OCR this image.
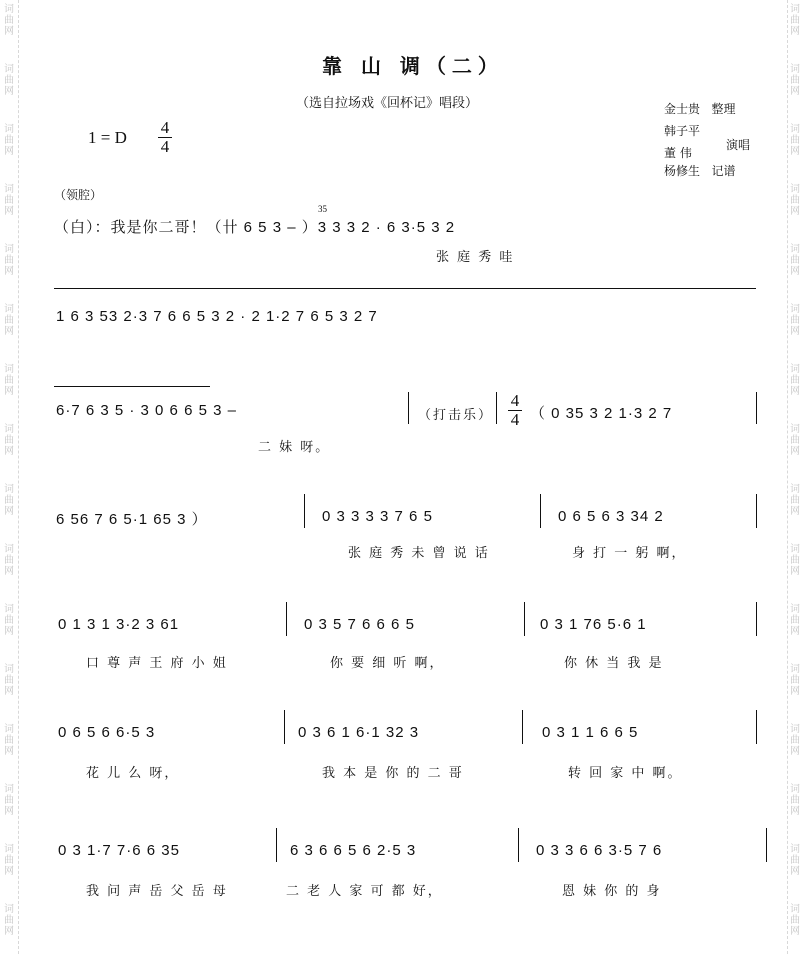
词曲网
词曲网
词曲网
词曲网
词曲网
词曲网
词曲网
词曲网
词曲网
词曲网
词曲网
词曲网
词曲网
词曲网
词曲网
词曲网
词曲网
词曲网
词曲网
词曲网
词曲网
词曲网
词曲网
词曲网
词曲网
词曲网
词曲网
词曲网
词曲网
词曲网
词曲网
词曲网
靠 山 调（二）
（选自拉场戏《回杯记》唱段）
1 = D $\frac{4}{4}$
金士贵 整理
韩子平
董 伟
杨修生 记谱
演唱
（领腔）
（白）：我是你二哥！（卄 6 5 3 – ）3 3 3 2 · 6 3·5 3 2
35
张 庭 秀 哇
1 6 3 53 2·3 7 6 6 5 3 2 · 2 1·2 7 6 5 3 2 7
6·7 6 3 5 · 3 0 6 6 5 3 –	（打击乐） $\frac{4}{4}$ （ 0 35 3 2 1·3 2 7
二 妹 呀。
6 56 7 6 5·1 65 3 ）	0 3 3 3 3 7 6 5	0 6 5 6 3 34 2
张 庭 秀 未 曾 说 话	身 打 一 躬 啊，
0 1 3 1 3·2 3 61	0 3 5 7 6 6 6 5	0 3 1 76 5·6 1
口 尊 声 王 府 小 姐	你 要 细 听 啊，	你 休 当 我 是
0 6 5 6 6·5 3	0 3 6 1 6·1 32 3	0 3 1 1 6 6 5
花 儿 么 呀，	我 本 是 你 的 二 哥	转 回 家 中 啊。
0 3 1·7 7·6 6 35	6 3 6 6 5 6 2·5 3	0 3 3 6 6 3·5 7 6
我 问 声 岳 父 岳 母	二 老 人 家 可 都 好，	恩 妹 你 的 身
